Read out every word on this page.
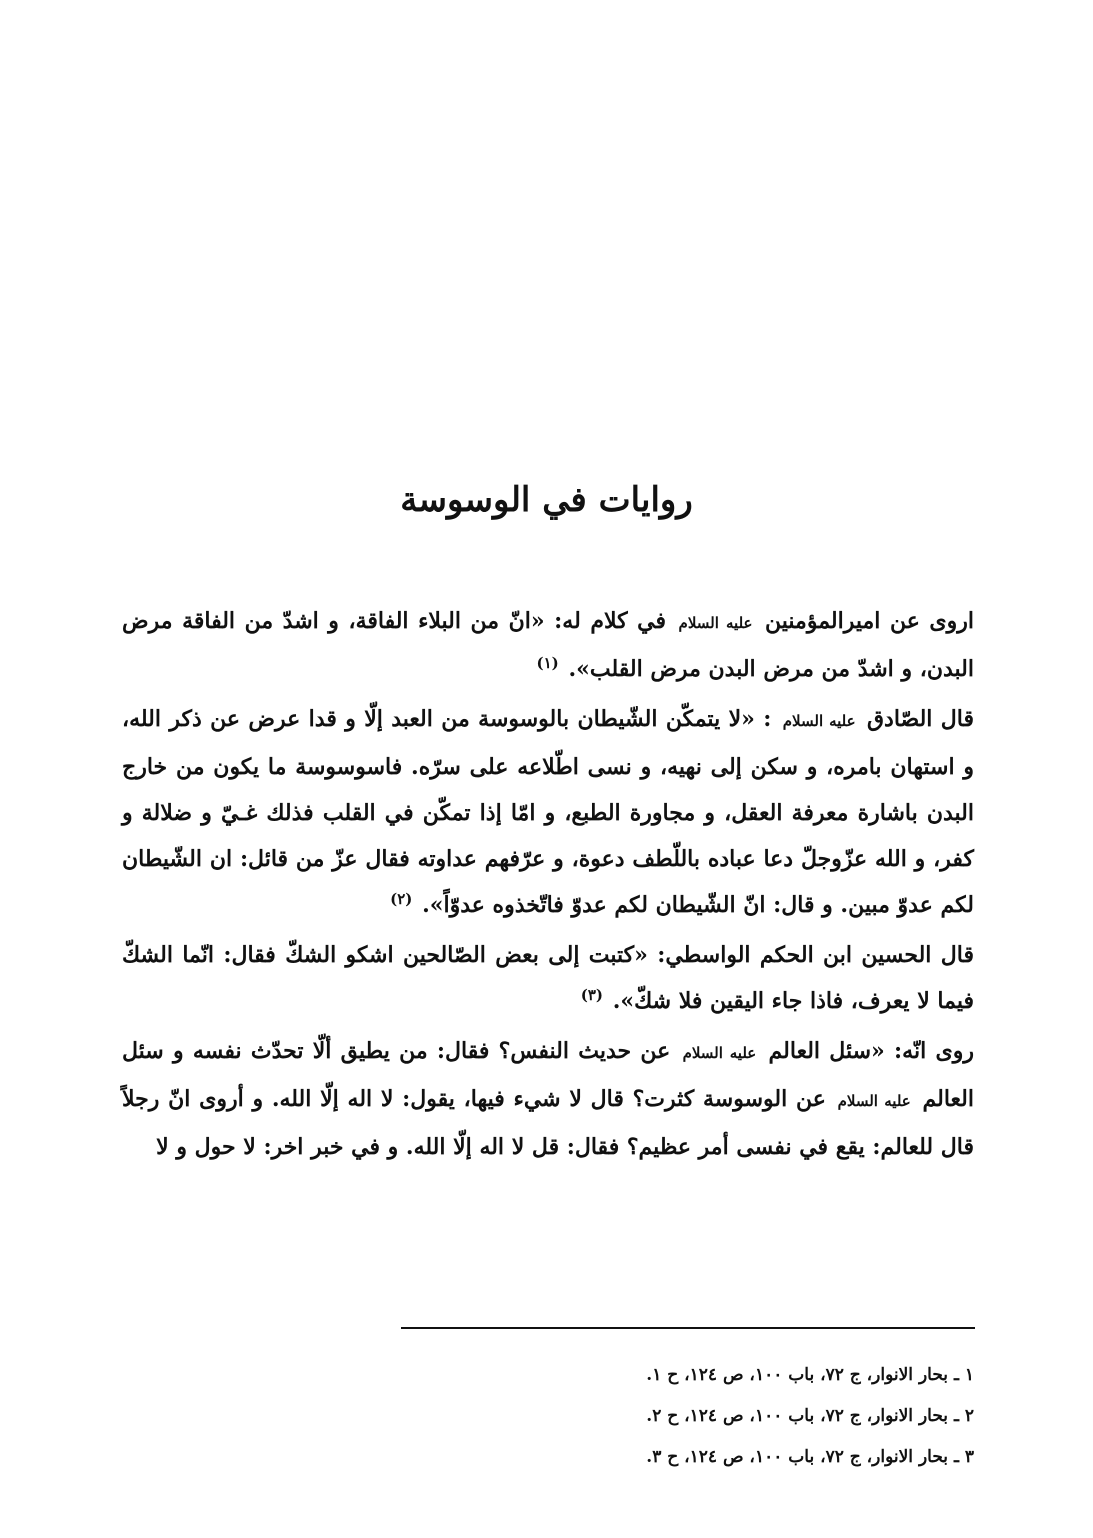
روايات في الوسوسة

اروى عن اميرالمؤمنين عليه السلام في كلام له: «انّ من البلاء الفاقة، و اشدّ من الفاقة مرض البدن، و اشدّ من مرض البدن مرض القلب». $^{(١)}$

قال الصّادق عليه السلام : «لا يتمكّن الشّيطان بالوسوسة من العبد إلّا و قدا عرض عن ذكر الله، و استهان بامره، و سكن إلى نهيه، و نسى اطّلاعه على سرّه. فاسوسوسة ما يكون من خارج البدن باشارة معرفة العقل، و مجاورة الطبع، و امّا إذا تمكّن في القلب فذلك غـيّ و ضلالة و كفر، و الله عزّوجلّ دعا عباده باللّطف دعوة، و عرّفهم عداوته فقال عزّ من قائل: ان الشّيطان لكم عدوّ مبين. و قال: انّ الشّيطان لكم عدوّ فاتّخذوه عدوّاً». $^{(٢)}$

قال الحسين ابن الحكم الواسطي: «كتبت إلى بعض الصّالحين اشكو الشكّ فقال: انّما الشكّ فيما لا يعرف، فاذا جاء اليقين فلا شكّ». $^{(٣)}$

روى انّه: «سئل العالم عليه السلام عن حديث النفس؟ فقال: من يطيق ألّا تحدّث نفسه و سئل العالم عليه السلام عن الوسوسة كثرت؟ قال لا شيء فيها، يقول: لا اله إلّا الله. و أروى انّ رجلاً قال للعالم: يقع في نفسى أمر عظيم؟ فقال: قل لا اله إلّا الله. و في خبر اخر: لا حول و لا

١ ـ بحار الانوار، ج ٧٢، باب ١٠٠، ص ١٢٤، ح ١.
٢ ـ بحار الانوار، ج ٧٢، باب ١٠٠، ص ١٢٤، ح ٢.
٣ ـ بحار الانوار، ج ٧٢، باب ١٠٠، ص ١٢٤، ح ٣.
